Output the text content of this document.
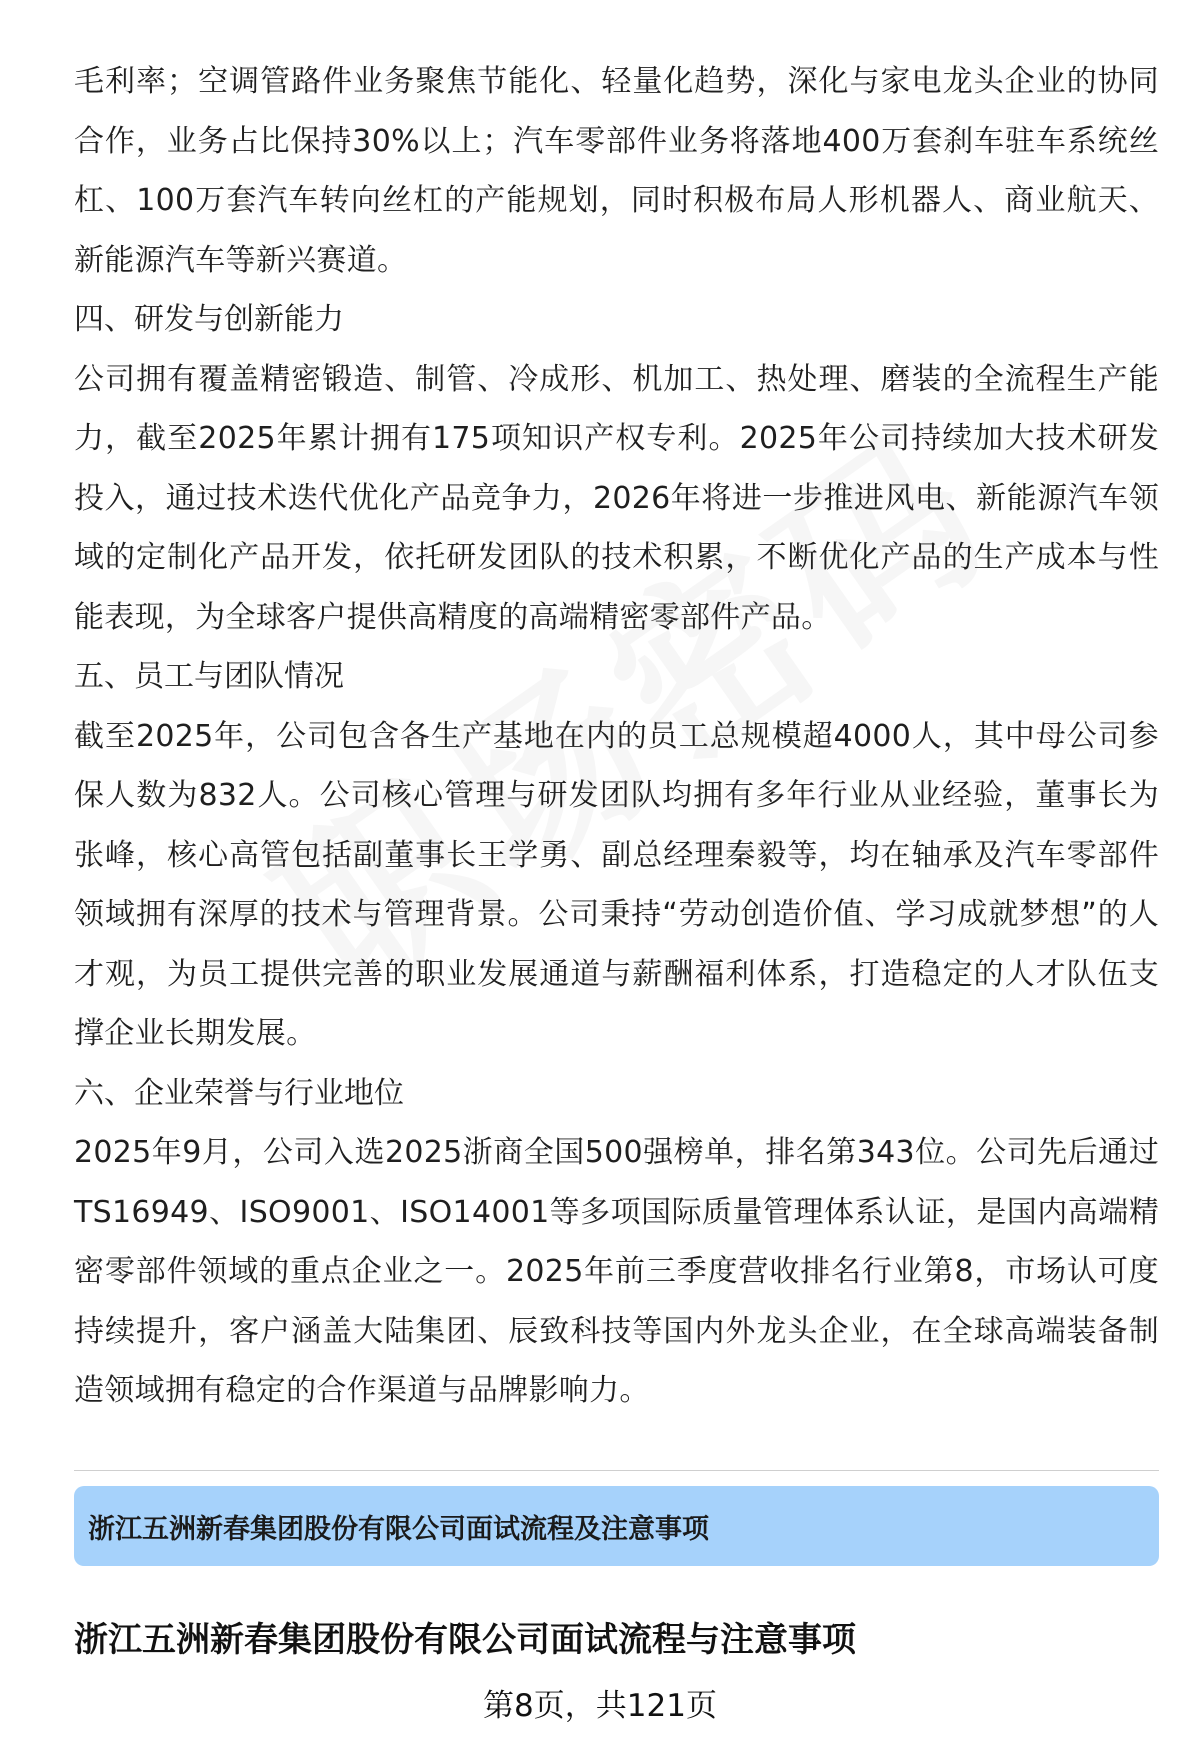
毛利率；空调管路件业务聚焦节能化、轻量化趋势，深化与家电龙头企业的协同合作，业务占比保持30%以上；汽车零部件业务将落地400万套刹车驻车系统丝杠、100万套汽车转向丝杠的产能规划，同时积极布局人形机器人、商业航天、新能源汽车等新兴赛道。

四、研发与创新能力

公司拥有覆盖精密锻造、制管、冷成形、机加工、热处理、磨装的全流程生产能力，截至2025年累计拥有175项知识产权专利。2025年公司持续加大技术研发投入，通过技术迭代优化产品竞争力，2026年将进一步推进风电、新能源汽车领域的定制化产品开发，依托研发团队的技术积累，不断优化产品的生产成本与性能表现，为全球客户提供高精度的高端精密零部件产品。

五、员工与团队情况

截至2025年，公司包含各生产基地在内的员工总规模超4000人，其中母公司参保人数为832人。公司核心管理与研发团队均拥有多年行业从业经验，董事长为张峰，核心高管包括副董事长王学勇、副总经理秦毅等，均在轴承及汽车零部件领域拥有深厚的技术与管理背景。公司秉持“劳动创造价值、学习成就梦想”的人才观，为员工提供完善的职业发展通道与薪酬福利体系，打造稳定的人才队伍支撑企业长期发展。

六、企业荣誉与行业地位

2025年9月，公司入选2025浙商全国500强榜单，排名第343位。公司先后通过TS16949、ISO9001、ISO14001等多项国际质量管理体系认证，是国内高端精密零部件领域的重点企业之一。2025年前三季度营收排名行业第8，市场认可度持续提升，客户涵盖大陆集团、辰致科技等国内外龙头企业，在全球高端装备制造领域拥有稳定的合作渠道与品牌影响力。

浙江五洲新春集团股份有限公司面试流程及注意事项
浙江五洲新春集团股份有限公司面试流程与注意事项
第8页，共121页
